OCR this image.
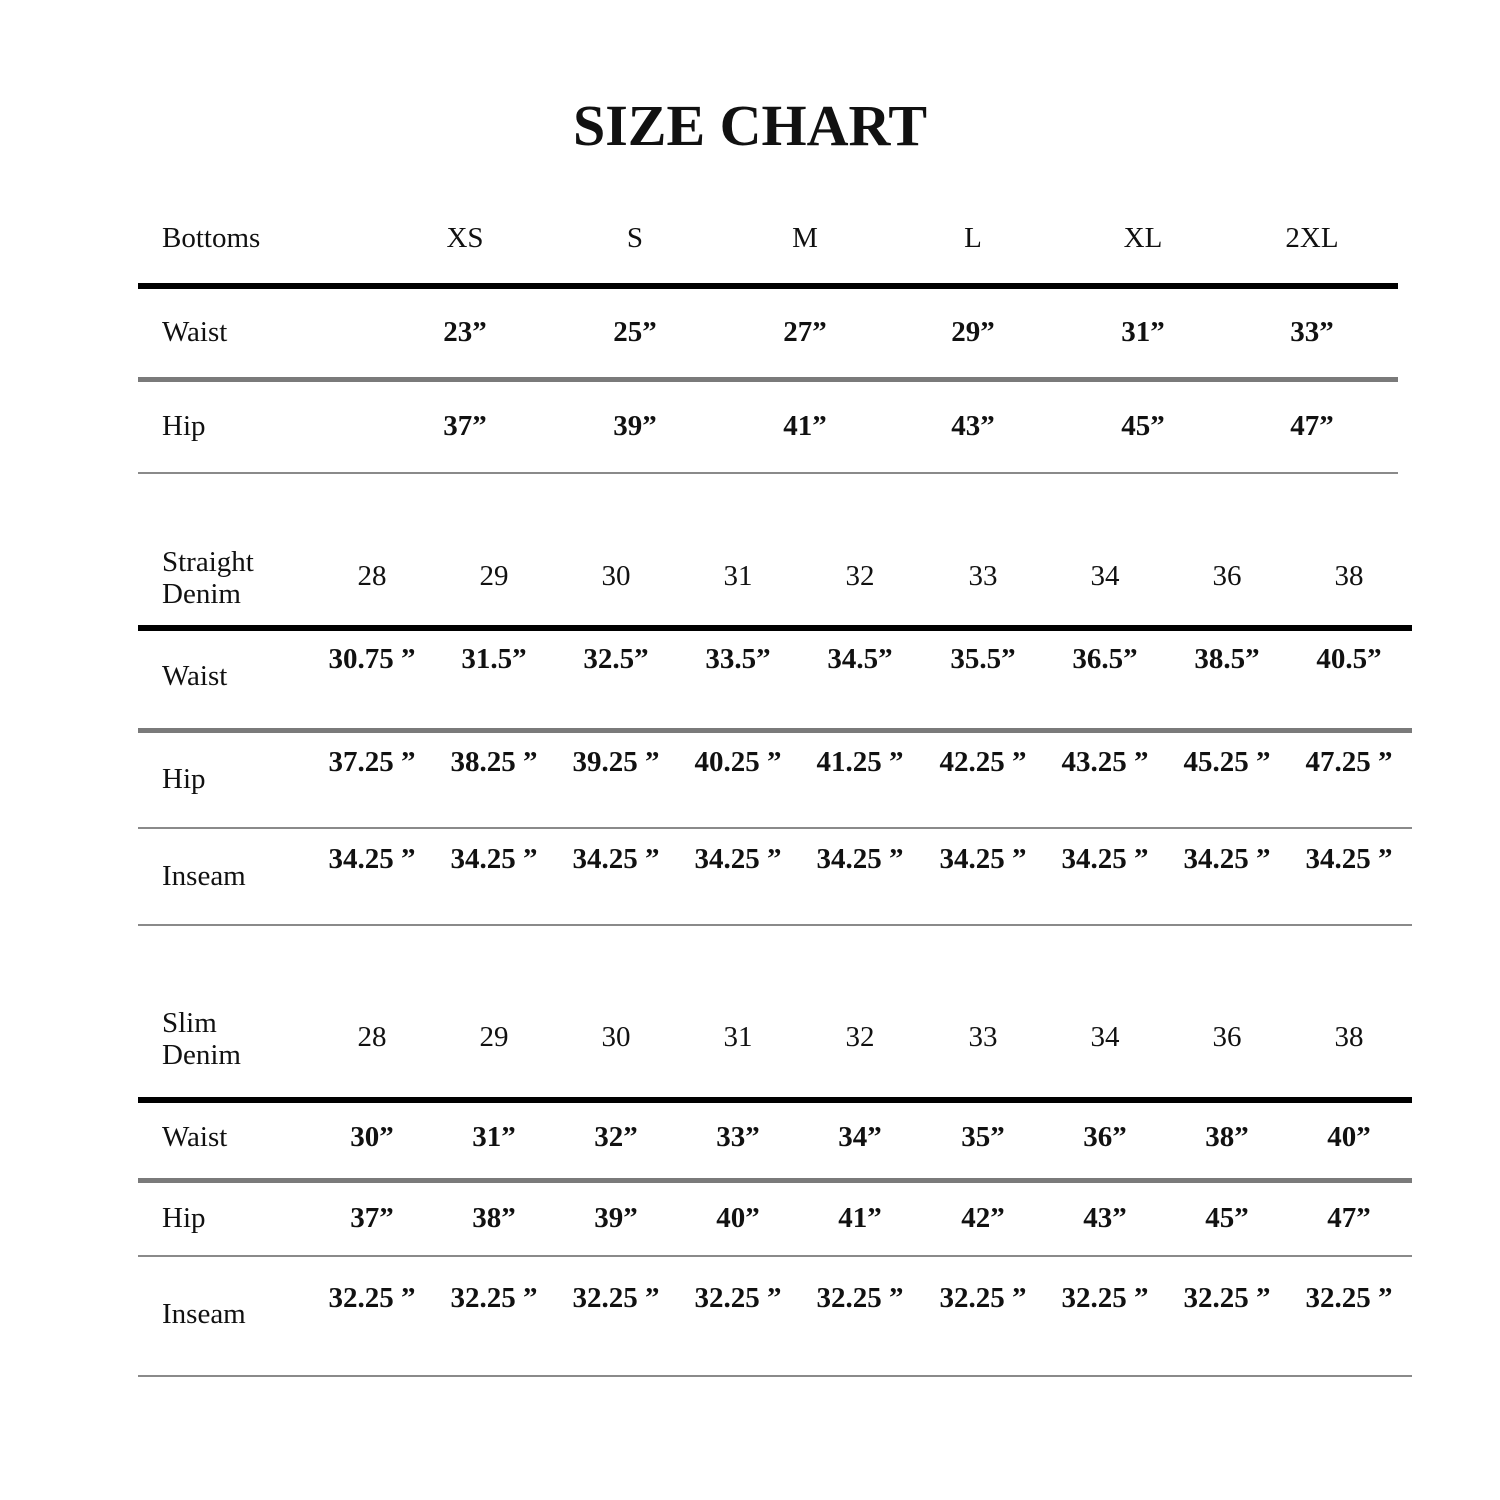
SIZE CHART
Bottoms	XS	S	M	L	XL	2XL
Waist	23”	25”	27”	29”	31”	33”
Hip	37”	39”	41”	43”	45”	47”
Straight Denim
28	29	30	31	32	33	34	36	38
Waist
30.75 ”	31.5”	32.5”	33.5”	34.5”	35.5”	36.5”	38.5”	40.5”
Hip
37.25 ” 38.25 ” 39.25 ” 40.25 ” 41.25 ” 42.25 ” 43.25 ” 45.25 ” 47.25 ”
Inseam
34.25 ” 34.25 ” 34.25 ” 34.25 ” 34.25 ” 34.25 ” 34.25 ” 34.25 ” 34.25 ”
Slim Denim
28	29	30	31	32	33	34	36	38
Waist	30”	31”	32”	33”	34”	35”	36”	38”	40”
Hip	37”	38”	39”	40”	41”	42”	43”	45”	47”
Inseam	32.25 ” 32.25 ” 32.25 ” 32.25 ” 32.25 ” 32.25 ” 32.25 ” 32.25 ” 32.25 ”
